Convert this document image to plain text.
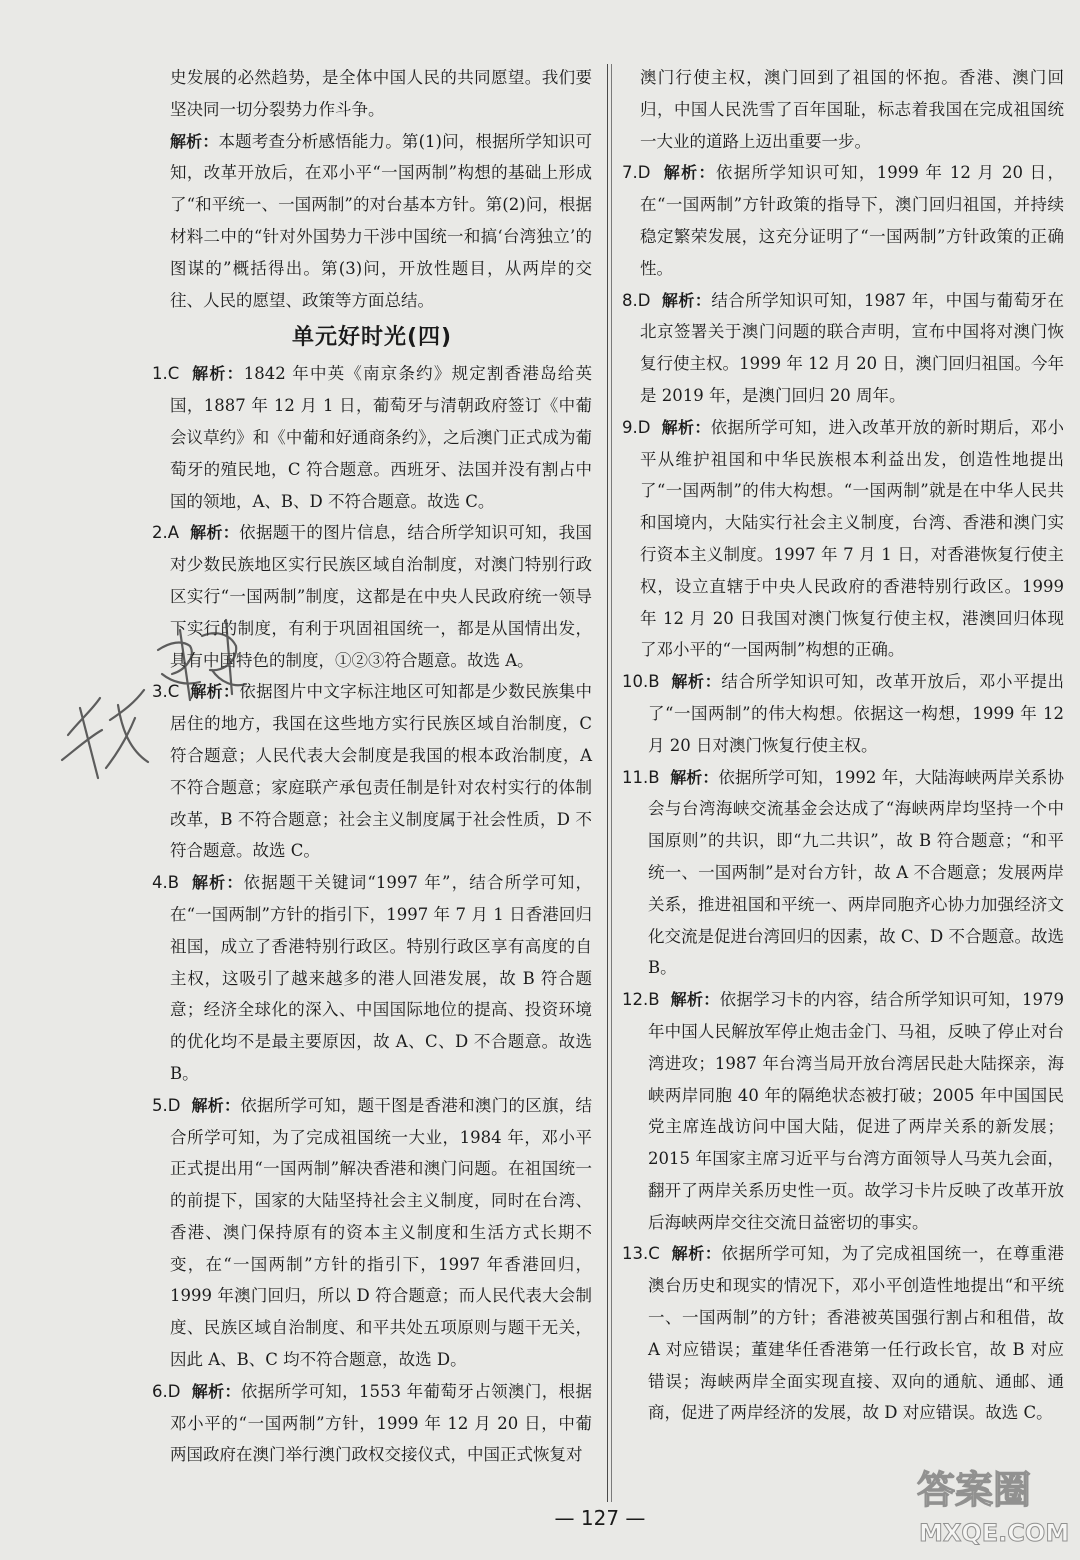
史发展的必然趋势，是全体中国人民的共同愿望。我们要坚决同一切分裂势力作斗争。

解析：本题考查分析感悟能力。第(1)问，根据所学知识可知，改革开放后，在邓小平“一国两制”构想的基础上形成了“和平统一、一国两制”的对台基本方针。第(2)问，根据材料二中的“针对外国势力干涉中国统一和搞‘台湾独立’的图谋的”概括得出。第(3)问，开放性题目，从两岸的交往、人民的愿望、政策等方面总结。

单元好时光(四)

1.C 解析：1842 年中英《南京条约》规定割香港岛给英国，1887 年 12 月 1 日，葡萄牙与清朝政府签订《中葡会议草约》和《中葡和好通商条约》，之后澳门正式成为葡萄牙的殖民地，C 符合题意。西班牙、法国并没有割占中国的领地，A、B、D 不符合题意。故选 C。

2.A 解析：依据题干的图片信息，结合所学知识可知，我国对少数民族地区实行民族区域自治制度，对澳门特别行政区实行“一国两制”制度，这都是在中央人民政府统一领导下实行的制度，有利于巩固祖国统一，都是从国情出发，具有中国特色的制度，①②③符合题意。故选 A。

3.C 解析：依据图片中文字标注地区可知都是少数民族集中居住的地方，我国在这些地方实行民族区域自治制度，C 符合题意；人民代表大会制度是我国的根本政治制度，A 不符合题意；家庭联产承包责任制是针对农村实行的体制改革，B 不符合题意；社会主义制度属于社会性质，D 不符合题意。故选 C。

4.B 解析：依据题干关键词“1997 年”，结合所学可知，在“一国两制”方针的指引下，1997 年 7 月 1 日香港回归祖国，成立了香港特别行政区。特别行政区享有高度的自主权，这吸引了越来越多的港人回港发展，故 B 符合题意；经济全球化的深入、中国国际地位的提高、投资环境的优化均不是最主要原因，故 A、C、D 不合题意。故选 B。

5.D 解析：依据所学可知，题干图是香港和澳门的区旗，结合所学可知，为了完成祖国统一大业，1984 年，邓小平正式提出用“一国两制”解决香港和澳门问题。在祖国统一的前提下，国家的大陆坚持社会主义制度，同时在台湾、香港、澳门保持原有的资本主义制度和生活方式长期不变，在“一国两制”方针的指引下，1997 年香港回归，1999 年澳门回归，所以 D 符合题意；而人民代表大会制度、民族区域自治制度、和平共处五项原则与题干无关，因此 A、B、C 均不符合题意，故选 D。

6.D 解析：依据所学可知，1553 年葡萄牙占领澳门，根据邓小平的“一国两制”方针，1999 年 12 月 20 日，中葡两国政府在澳门举行澳门政权交接仪式，中国正式恢复对

澳门行使主权，澳门回到了祖国的怀抱。香港、澳门回归，中国人民洗雪了百年国耻，标志着我国在完成祖国统一大业的道路上迈出重要一步。

7.D 解析：依据所学知识可知，1999 年 12 月 20 日，在“一国两制”方针政策的指导下，澳门回归祖国，并持续稳定繁荣发展，这充分证明了“一国两制”方针政策的正确性。

8.D 解析：结合所学知识可知，1987 年，中国与葡萄牙在北京签署关于澳门问题的联合声明，宣布中国将对澳门恢复行使主权。1999 年 12 月 20 日，澳门回归祖国。今年是 2019 年，是澳门回归 20 周年。

9.D 解析：依据所学可知，进入改革开放的新时期后，邓小平从维护祖国和中华民族根本利益出发，创造性地提出了“一国两制”的伟大构想。“一国两制”就是在中华人民共和国境内，大陆实行社会主义制度，台湾、香港和澳门实行资本主义制度。1997 年 7 月 1 日，对香港恢复行使主权，设立直辖于中央人民政府的香港特别行政区。1999 年 12 月 20 日我国对澳门恢复行使主权，港澳回归体现了邓小平的“一国两制”构想的正确。

10.B 解析：结合所学知识可知，改革开放后，邓小平提出了“一国两制”的伟大构想。依据这一构想，1999 年 12 月 20 日对澳门恢复行使主权。

11.B 解析：依据所学可知，1992 年，大陆海峡两岸关系协会与台湾海峡交流基金会达成了“海峡两岸均坚持一个中国原则”的共识，即“九二共识”，故 B 符合题意；“和平统一、一国两制”是对台方针，故 A 不合题意；发展两岸关系，推进祖国和平统一、两岸同胞齐心协力加强经济文化交流是促进台湾回归的因素，故 C、D 不合题意。故选 B。

12.B 解析：依据学习卡的内容，结合所学知识可知，1979 年中国人民解放军停止炮击金门、马祖，反映了停止对台湾进攻；1987 年台湾当局开放台湾居民赴大陆探亲，海峡两岸同胞 40 年的隔绝状态被打破；2005 年中国国民党主席连战访问中国大陆，促进了两岸关系的新发展；2015 年国家主席习近平与台湾方面领导人马英九会面，翻开了两岸关系历史性一页。故学习卡片反映了改革开放后海峡两岸交往交流日益密切的事实。

13.C 解析：依据所学可知，为了完成祖国统一，在尊重港澳台历史和现实的情况下，邓小平创造性地提出“和平统一、一国两制”的方针；香港被英国强行割占和租借，故 A 对应错误；董建华任香港第一任行政长官，故 B 对应错误；海峡两岸全面实现直接、双向的通航、通邮、通商，促进了两岸经济的发展，故 D 对应错误。故选 C。

— 127 —
答案圈
MXQE.COM
